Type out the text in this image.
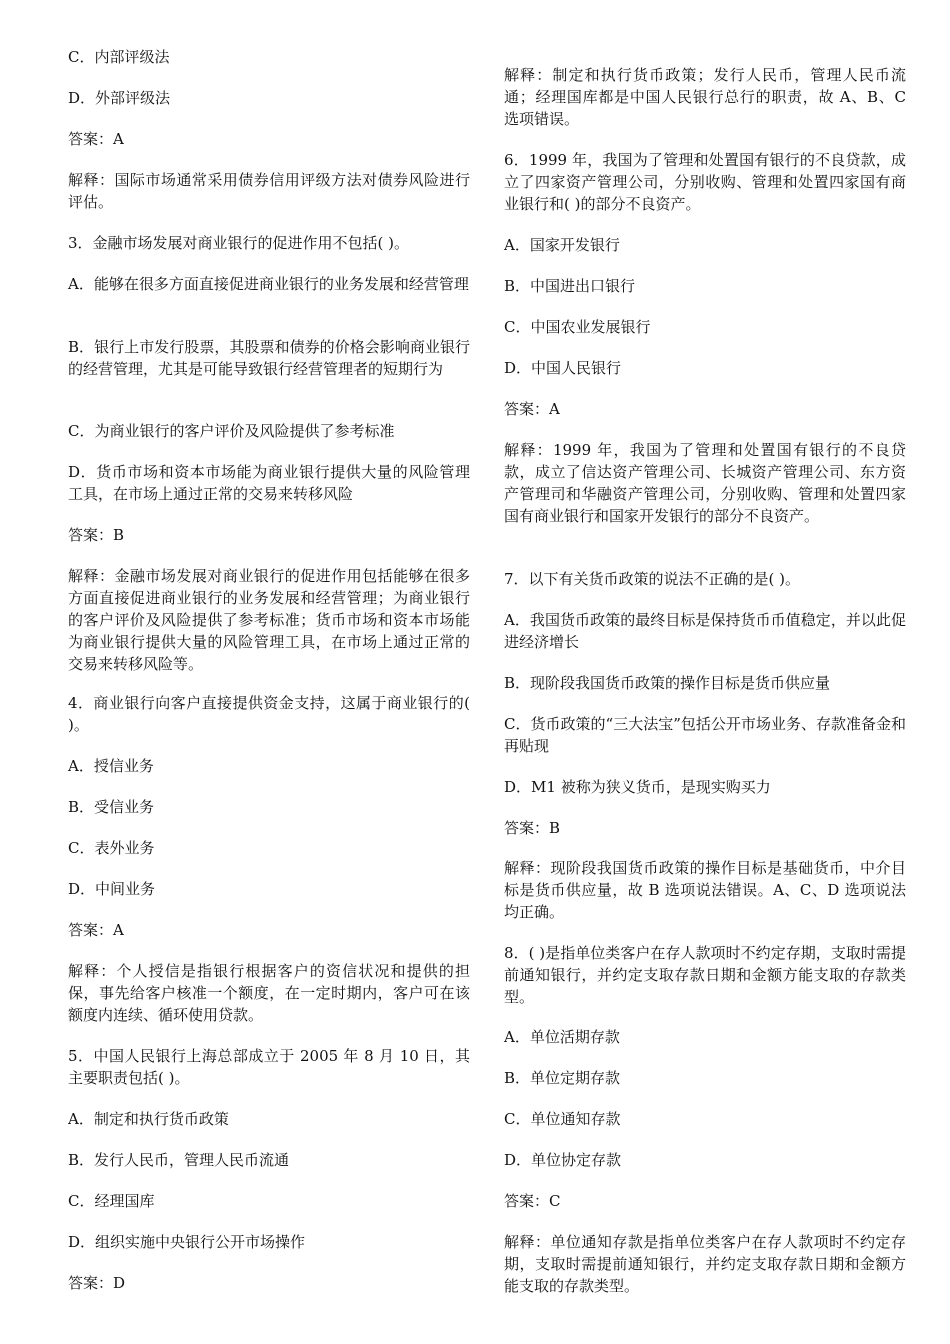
C．内部评级法

D．外部评级法

答案：A

解释：国际市场通常采用债券信用评级方法对债券风险进行评估。

3．金融市场发展对商业银行的促进作用不包括( )。

A．能够在很多方面直接促进商业银行的业务发展和经营管理

B．银行上市发行股票，其股票和债券的价格会影响商业银行的经营管理，尤其是可能导致银行经营管理者的短期行为

C．为商业银行的客户评价及风险提供了参考标准

D．货币市场和资本市场能为商业银行提供大量的风险管理工具，在市场上通过正常的交易来转移风险

答案：B

解释：金融市场发展对商业银行的促进作用包括能够在很多方面直接促进商业银行的业务发展和经营管理；为商业银行的客户评价及风险提供了参考标准；货币市场和资本市场能为商业银行提供大量的风险管理工具，在市场上通过正常的交易来转移风险等。

4．商业银行向客户直接提供资金支持，这属于商业银行的( )。

A．授信业务

B．受信业务

C．表外业务

D．中间业务

答案：A

解释：个人授信是指银行根据客户的资信状况和提供的担保，事先给客户核准一个额度，在一定时期内，客户可在该额度内连续、循环使用贷款。

5．中国人民银行上海总部成立于 2005 年 8 月 10 日，其主要职责包括( )。

A．制定和执行货币政策

B．发行人民币，管理人民币流通

C．经理国库

D．组织实施中央银行公开市场操作

答案：D

解释：制定和执行货币政策；发行人民币，管理人民币流通；经理国库都是中国人民银行总行的职责，故 A、B、C 选项错误。

6．1999 年，我国为了管理和处置国有银行的不良贷款，成立了四家资产管理公司，分别收购、管理和处置四家国有商业银行和( )的部分不良资产。

A．国家开发银行

B．中国进出口银行

C．中国农业发展银行

D．中国人民银行

答案：A

解释：1999 年，我国为了管理和处置国有银行的不良贷款，成立了信达资产管理公司、长城资产管理公司、东方资产管理司和华融资产管理公司，分别收购、管理和处置四家国有商业银行和国家开发银行的部分不良资产。

7．以下有关货币政策的说法不正确的是( )。

A．我国货币政策的最终目标是保持货币币值稳定，并以此促进经济增长

B．现阶段我国货币政策的操作目标是货币供应量

C．货币政策的“三大法宝”包括公开市场业务、存款准备金和再贴现

D．M1 被称为狭义货币，是现实购买力

答案：B

解释：现阶段我国货币政策的操作目标是基础货币，中介目标是货币供应量，故 B 选项说法错误。A、C、D 选项说法均正确。

8．( )是指单位类客户在存人款项时不约定存期，支取时需提前通知银行，并约定支取存款日期和金额方能支取的存款类型。

A．单位活期存款

B．单位定期存款

C．单位通知存款

D．单位协定存款

答案：C

解释：单位通知存款是指单位类客户在存人款项时不约定存期，支取时需提前通知银行，并约定支取存款日期和金额方能支取的存款类型。
